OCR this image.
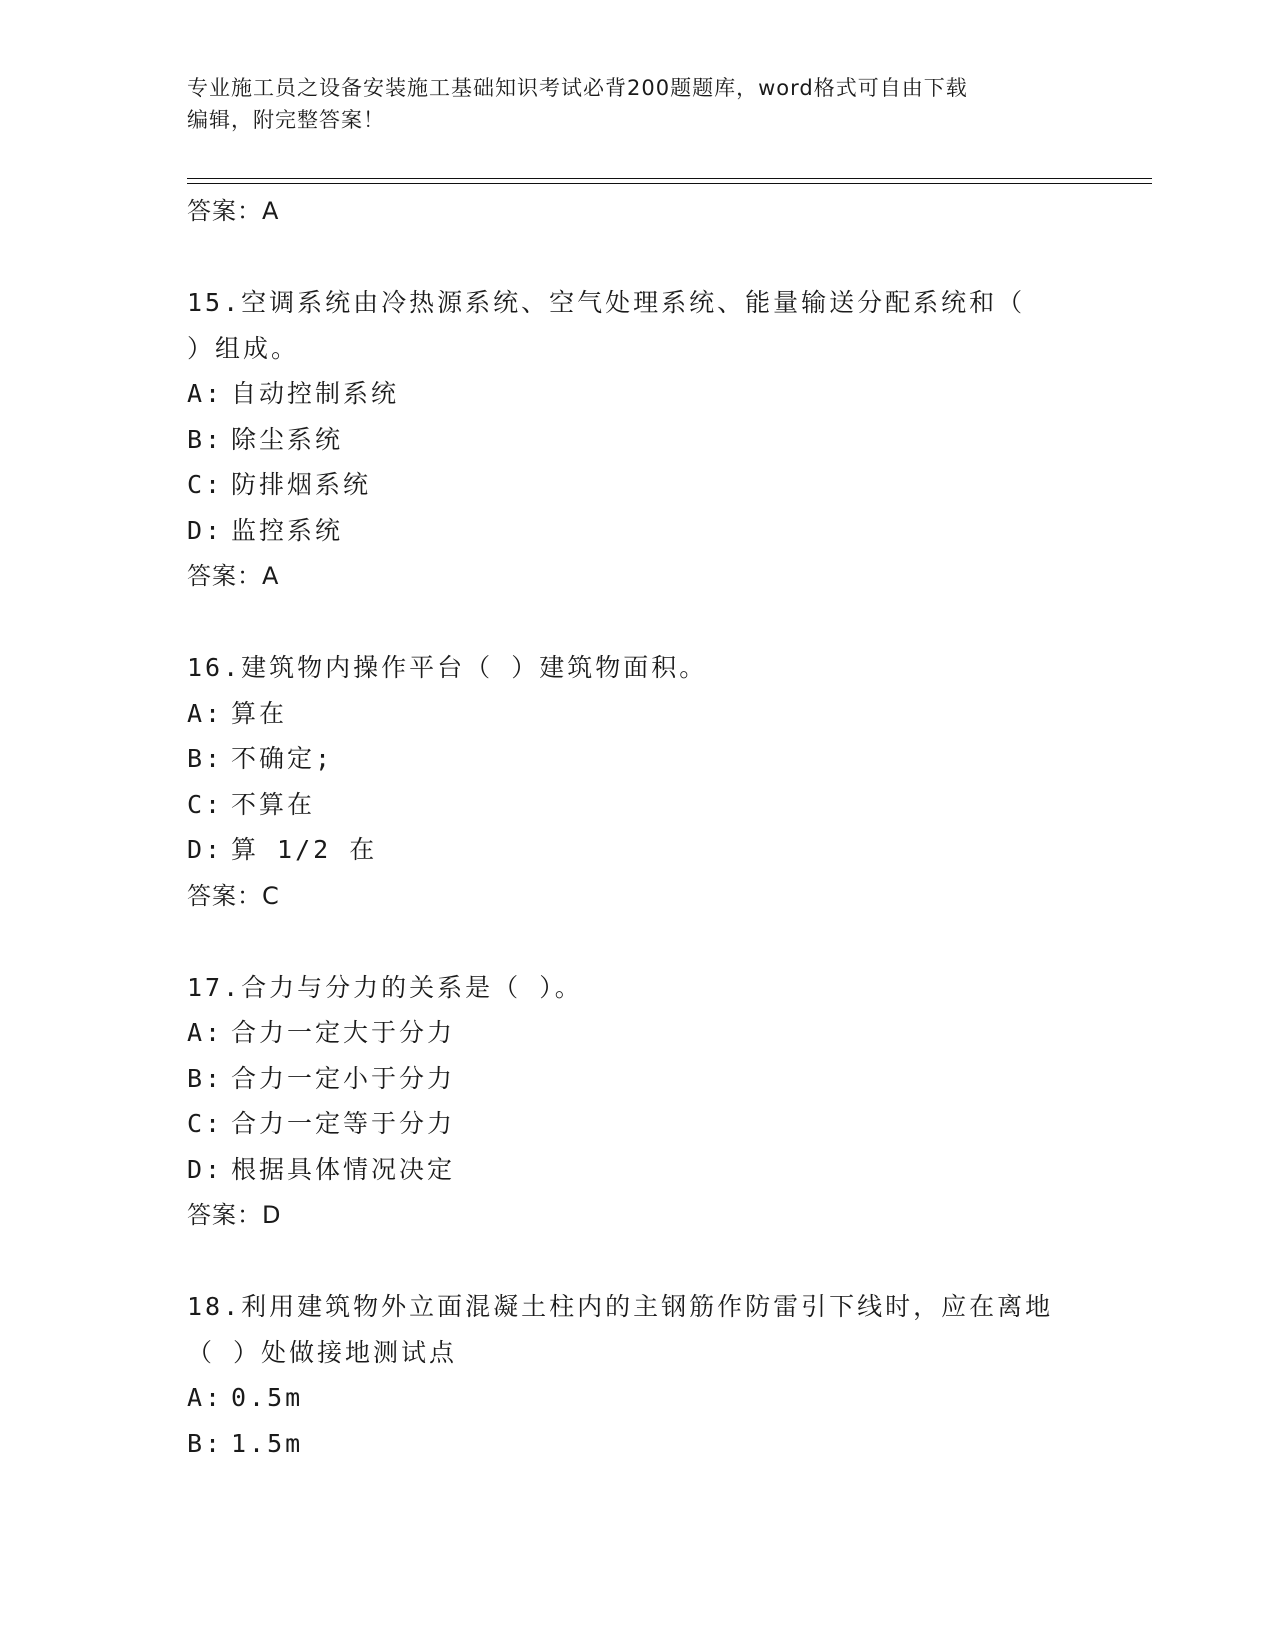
专业施工员之设备安装施工基础知识考试必背200题题库，word格式可自由下载
编辑，附完整答案！

答案：A

15.空调系统由冷热源系统、空气处理系统、能量输送分配系统和（
）组成。

A: 自动控制系统

B: 除尘系统

C: 防排烟系统

D: 监控系统

答案：A

16.建筑物内操作平台（ ）建筑物面积。

A: 算在

B: 不确定;

C: 不算在

D: 算 1/2 在

答案：C

17.合力与分力的关系是（ ）。

A: 合力一定大于分力

B: 合力一定小于分力

C: 合力一定等于分力

D: 根据具体情况决定

答案：D

18.利用建筑物外立面混凝土柱内的主钢筋作防雷引下线时，应在离地
（ ）处做接地测试点

A: 0.5m

B: 1.5m
